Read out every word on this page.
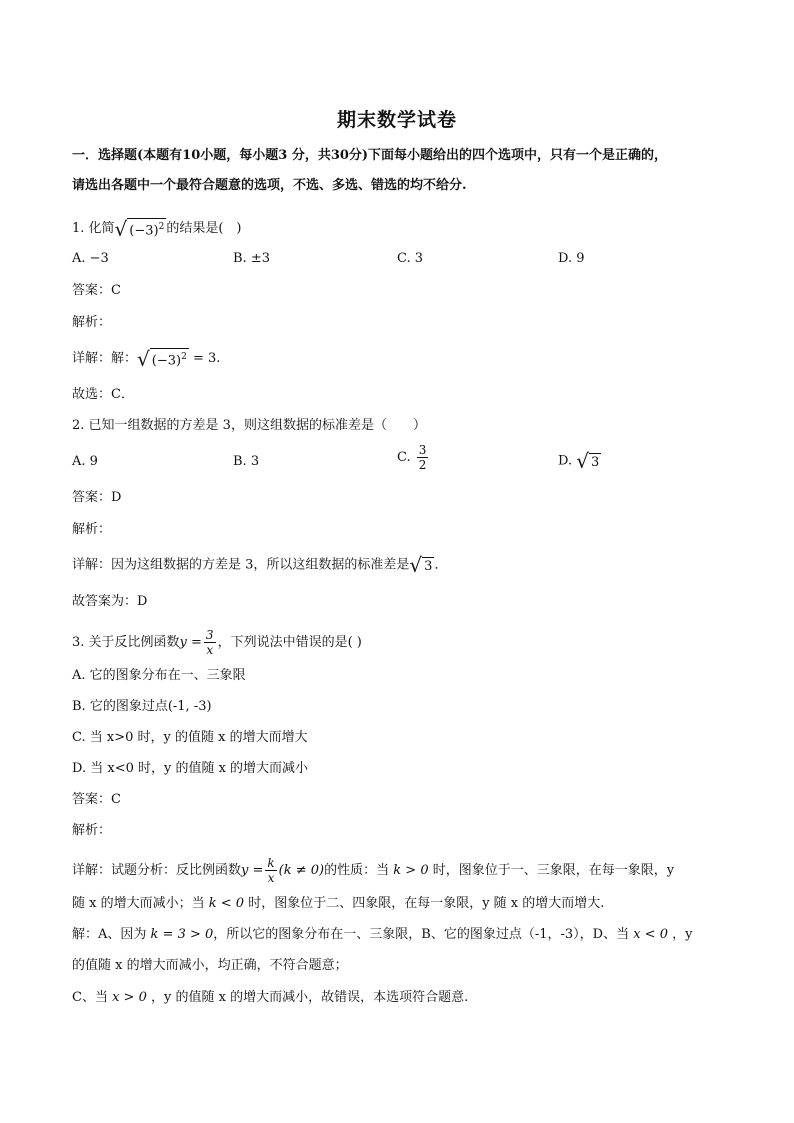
期末数学试卷
一．选择题(本题有10小题，每小题3 分，共30分)下面每小题给出的四个选项中，只有一个是正确的，
请选出各题中一个最符合题意的选项，不选、多选、错选的均不给分.
1. 化简 √ $(-3)^2$ 的结果是(　)
A. −3	B. ±3	C. 3	D. 9
答案：C
解析：
详解：解： √ $(-3)^2 = 3$.
故选：C．
2. 已知一组数据的方差是 3，则这组数据的标准差是（　　）
A. 9	B. 3	C. $\frac{3}{2}$	D. √ 3
答案：D
解析：
详解：因为这组数据的方差是 3，所以这组数据的标准差是 √ 3 ．
故答案为：D
3. 关于反比例函数$y = \frac{3}{x}$ ，下列说法中错误的是( )
A. 它的图象分布在一、三象限
B. 它的图象过点(-1, -3)
C. 当 x>0 时，y 的值随 x 的增大而增大
D. 当 x<0 时，y 的值随 x 的增大而减小
答案：C
解析：
详解：试题分析：反比例函数$y = \frac{k}{x} (k \ne 0)$的性质：当 k > 0 时，图象位于一、三象限，在每一象限，y
随 x 的增大而减小；当 k < 0 时，图象位于二、四象限，在每一象限，y 随 x 的增大而增大.
解：A、因为 k = 3 > 0，所以它的图象分布在一、三象限，B、它的图象过点（-1，-3），D、当 x < 0 ，y
的值随 x 的增大而减小，均正确，不符合题意；
C、当 x > 0 ，y 的值随 x 的增大而减小，故错误，本选项符合题意.
